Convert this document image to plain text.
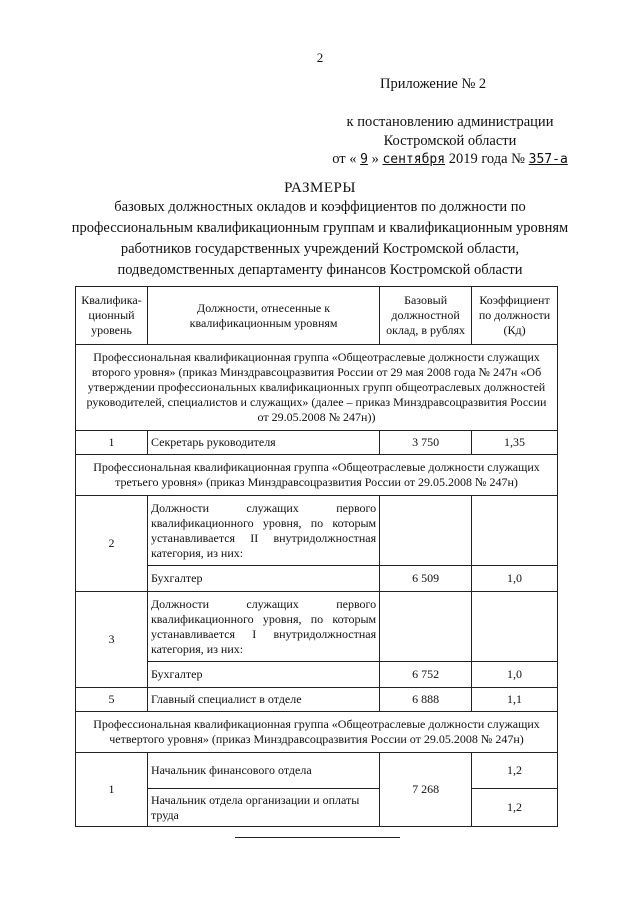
2
Приложение № 2
к постановлению администрации
Костромской области
от « 9 » сентября 2019 года № 357-а
РАЗМЕРЫ
базовых должностных окладов и коэффициентов по должности по профессиональным квалификационным группам и квалификационным уровням работников государственных учреждений Костромской области, подведомственных департаменту финансов Костромской области
Квалифика-ционный уровень	Должности, отнесенные к квалификационным уровням	Базовый должностной оклад, в рублях	Коэффициент по должности (Кд)
Профессиональная квалификационная группа «Общеотраслевые должности служащих второго уровня» (приказ Минздравсоцразвития России от 29 мая 2008 года № 247н «Об утверждении профессиональных квалификационных групп общеотраслевых должностей руководителей, специалистов и служащих» (далее – приказ Минздравсоцразвития России от 29.05.2008 № 247н))			
1	Секретарь руководителя	3 750	1,35
Профессиональная квалификационная группа «Общеотраслевые должности служащих третьего уровня» (приказ Минздравсоцразвития России от 29.05.2008 № 247н)			
2	Должности служащих первого квалификационного уровня, по которым устанавливается II внутридолжностная категория, из них:		
	Бухгалтер	6 509	1,0
3	Должности служащих первого квалификационного уровня, по которым устанавливается I внутридолжностная категория, из них:		
	Бухгалтер	6 752	1,0
5	Главный специалист в отделе	6 888	1,1
Профессиональная квалификационная группа «Общеотраслевые должности служащих четвертого уровня» (приказ Минздравсоцразвития России от 29.05.2008 № 247н)			
1	Начальник финансового отдела	7 268	1,2
	Начальник отдела организации и оплаты труда		1,2
